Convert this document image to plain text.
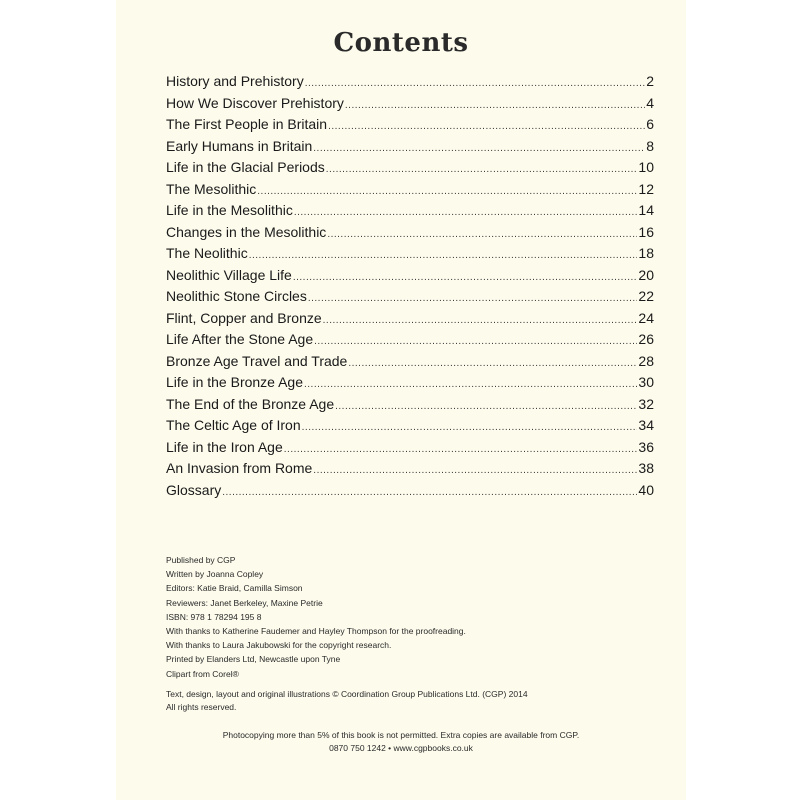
Contents
History and Prehistory .....	2
How We Discover Prehistory .....	4
The First People in Britain .....	6
Early Humans in Britain .....	8
Life in the Glacial Periods .....	10
The Mesolithic .....	12
Life in the Mesolithic .....	14
Changes in the Mesolithic .....	16
The Neolithic .....	18
Neolithic Village Life .....	20
Neolithic Stone Circles .....	22
Flint, Copper and Bronze .....	24
Life After the Stone Age .....	26
Bronze Age Travel and Trade .....	28
Life in the Bronze Age .....	30
The End of the Bronze Age .....	32
The Celtic Age of Iron .....	34
Life in the Iron Age .....	36
An Invasion from Rome .....	38
Glossary .....	40
Published by CGP
Written by Joanna Copley
Editors: Katie Braid, Camilla Simson
Reviewers: Janet Berkeley, Maxine Petrie
ISBN: 978 1 78294 195 8
With thanks to Katherine Faudemer and Hayley Thompson for the proofreading.
With thanks to Laura Jakubowski for the copyright research.
Printed by Elanders Ltd, Newcastle upon Tyne
Clipart from Corel®
Text, design, layout and original illustrations © Coordination Group Publications Ltd. (CGP) 2014
All rights reserved.
Photocopying more than 5% of this book is not permitted. Extra copies are available from CGP.
0870 750 1242 • www.cgpbooks.co.uk
